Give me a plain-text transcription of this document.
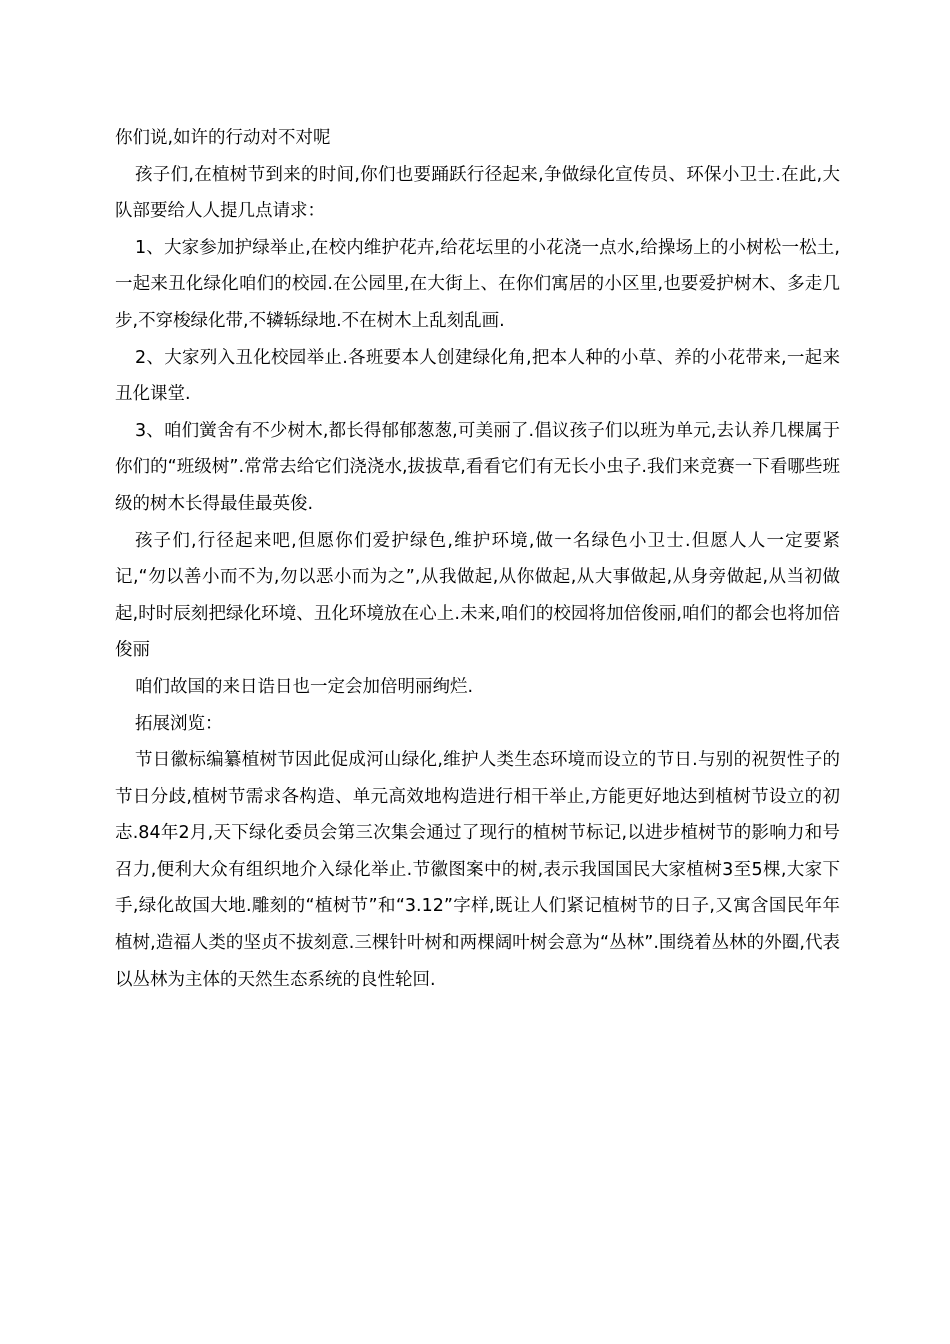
你们说,如许的行动对不对呢

孩子们,在植树节到来的时间,你们也要踊跃行径起来,争做绿化宣传员、环保小卫士.在此,大队部要给人人提几点请求：

1、大家参加护绿举止,在校内维护花卉,给花坛里的小花浇一点水,给操场上的小树松一松土,一起来丑化绿化咱们的校园.在公园里,在大街上、在你们寓居的小区里,也要爱护树木、多走几步,不穿梭绿化带,不辚轹绿地.不在树木上乱刻乱画.

2、大家列入丑化校园举止.各班要本人创建绿化角,把本人种的小草、养的小花带来,一起来丑化课堂.

3、咱们黉舍有不少树木,都长得郁郁葱葱,可美丽了.倡议孩子们以班为单元,去认养几棵属于你们的“班级树”.常常去给它们浇浇水,拔拔草,看看它们有无长小虫子.我们来竞赛一下看哪些班级的树木长得最佳最英俊.

孩子们,行径起来吧,但愿你们爱护绿色,维护环境,做一名绿色小卫士.但愿人人一定要紧记,“勿以善小而不为,勿以恶小而为之”,从我做起,从你做起,从大事做起,从身旁做起,从当初做起,时时辰刻把绿化环境、丑化环境放在心上.未来,咱们的校园将加倍俊丽,咱们的都会也将加倍俊丽

咱们故国的来日诰日也一定会加倍明丽绚烂.

拓展浏览：

节日徽标编纂植树节因此促成河山绿化,维护人类生态环境而设立的节日.与别的祝贺性子的节日分歧,植树节需求各构造、单元高效地构造进行相干举止,方能更好地达到植树节设立的初志.84年2月,天下绿化委员会第三次集会通过了现行的植树节标记,以进步植树节的影响力和号召力,便利大众有组织地介入绿化举止.节徽图案中的树,表示我国国民大家植树3至5棵,大家下手,绿化故国大地.雕刻的“植树节”和“3.12”字样,既让人们紧记植树节的日子,又寓含国民年年植树,造福人类的坚贞不拔刻意.三棵针叶树和两棵阔叶树会意为“丛林”.围绕着丛林的外圈,代表以丛林为主体的天然生态系统的良性轮回.
